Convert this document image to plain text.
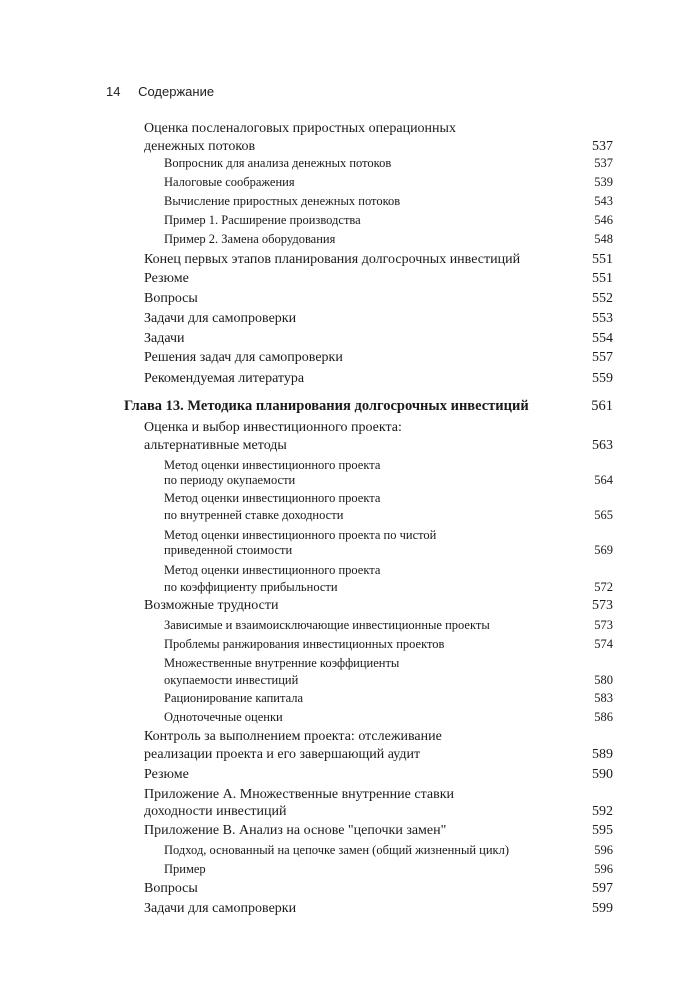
14 Содержание
Оценка посленалоговых приростных операционных
денежных потоков	537
Вопросник для анализа денежных потоков	537
Налоговые соображения	539
Вычисление приростных денежных потоков	543
Пример 1. Расширение производства	546
Пример 2. Замена оборудования	548
Конец первых этапов планирования долгосрочных инвестиций	551
Резюме	551
Вопросы	552
Задачи для самопроверки	553
Задачи	554
Решения задач для самопроверки	557
Рекомендуемая литература	559
Глава 13. Методика планирования долгосрочных инвестиций	561
Оценка и выбор инвестиционного проекта:
альтернативные методы	563
Метод оценки инвестиционного проекта
по периоду окупаемости	564
Метод оценки инвестиционного проекта
по внутренней ставке доходности	565
Метод оценки инвестиционного проекта по чистой
приведенной стоимости	569
Метод оценки инвестиционного проекта
по коэффициенту прибыльности	572
Возможные трудности	573
Зависимые и взаимоисключающие инвестиционные проекты	573
Проблемы ранжирования инвестиционных проектов	574
Множественные внутренние коэффициенты
окупаемости инвестиций	580
Рационирование капитала	583
Одноточечные оценки	586
Контроль за выполнением проекта: отслеживание
реализации проекта и его завершающий аудит	589
Резюме	590
Приложение А. Множественные внутренние ставки
доходности инвестиций	592
Приложение В. Анализ на основе "цепочки замен"	595
Подход, основанный на цепочке замен (общий жизненный цикл)	596
Пример	596
Вопросы	597
Задачи для самопроверки	599
